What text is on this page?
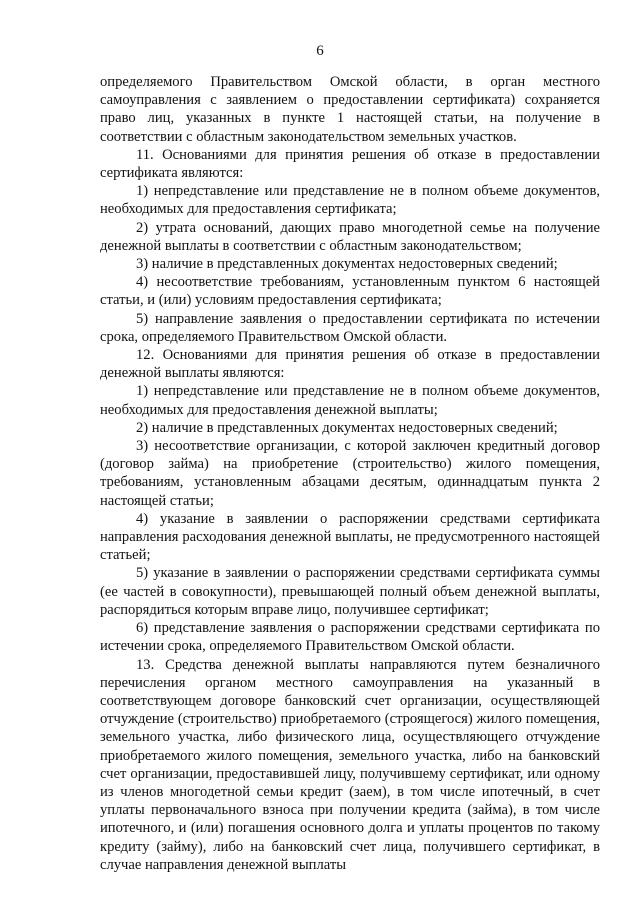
6

определяемого Правительством Омской области, в орган местного самоуправления с заявлением о предоставлении сертификата) сохраняется право лиц, указанных в пункте 1 настоящей статьи, на получение в соответствии с областным законодательством земельных участков.

11. Основаниями для принятия решения об отказе в предоставлении сертификата являются:

1) непредставление или представление не в полном объеме документов, необходимых для предоставления сертификата;

2) утрата оснований, дающих право многодетной семье на получение денежной выплаты в соответствии с областным законодательством;

3) наличие в представленных документах недостоверных сведений;

4) несоответствие требованиям, установленным пунктом 6 настоящей статьи, и (или) условиям предоставления сертификата;

5) направление заявления о предоставлении сертификата по истечении срока, определяемого Правительством Омской области.

12. Основаниями для принятия решения об отказе в предоставлении денежной выплаты являются:

1) непредставление или представление не в полном объеме документов, необходимых для предоставления денежной выплаты;

2) наличие в представленных документах недостоверных сведений;

3) несоответствие организации, с которой заключен кредитный договор (договор займа) на приобретение (строительство) жилого помещения, требованиям, установленным абзацами десятым, одиннадцатым пункта 2 настоящей статьи;

4) указание в заявлении о распоряжении средствами сертификата направления расходования денежной выплаты, не предусмотренного настоящей статьей;

5) указание в заявлении о распоряжении средствами сертификата суммы (ее частей в совокупности), превышающей полный объем денежной выплаты, распорядиться которым вправе лицо, получившее сертификат;

6) представление заявления о распоряжении средствами сертификата по истечении срока, определяемого Правительством Омской области.

13. Средства денежной выплаты направляются путем безналичного перечисления органом местного самоуправления на указанный в соответствующем договоре банковский счет организации, осуществляющей отчуждение (строительство) приобретаемого (строящегося) жилого помещения, земельного участка, либо физического лица, осуществляющего отчуждение приобретаемого жилого помещения, земельного участка, либо на банковский счет организации, предоставившей лицу, получившему сертификат, или одному из членов многодетной семьи кредит (заем), в том числе ипотечный, в счет уплаты первоначального взноса при получении кредита (займа), в том числе ипотечного, и (или) погашения основного долга и уплаты процентов по такому кредиту (займу), либо на банковский счет лица, получившего сертификат, в случае направления денежной выплаты
